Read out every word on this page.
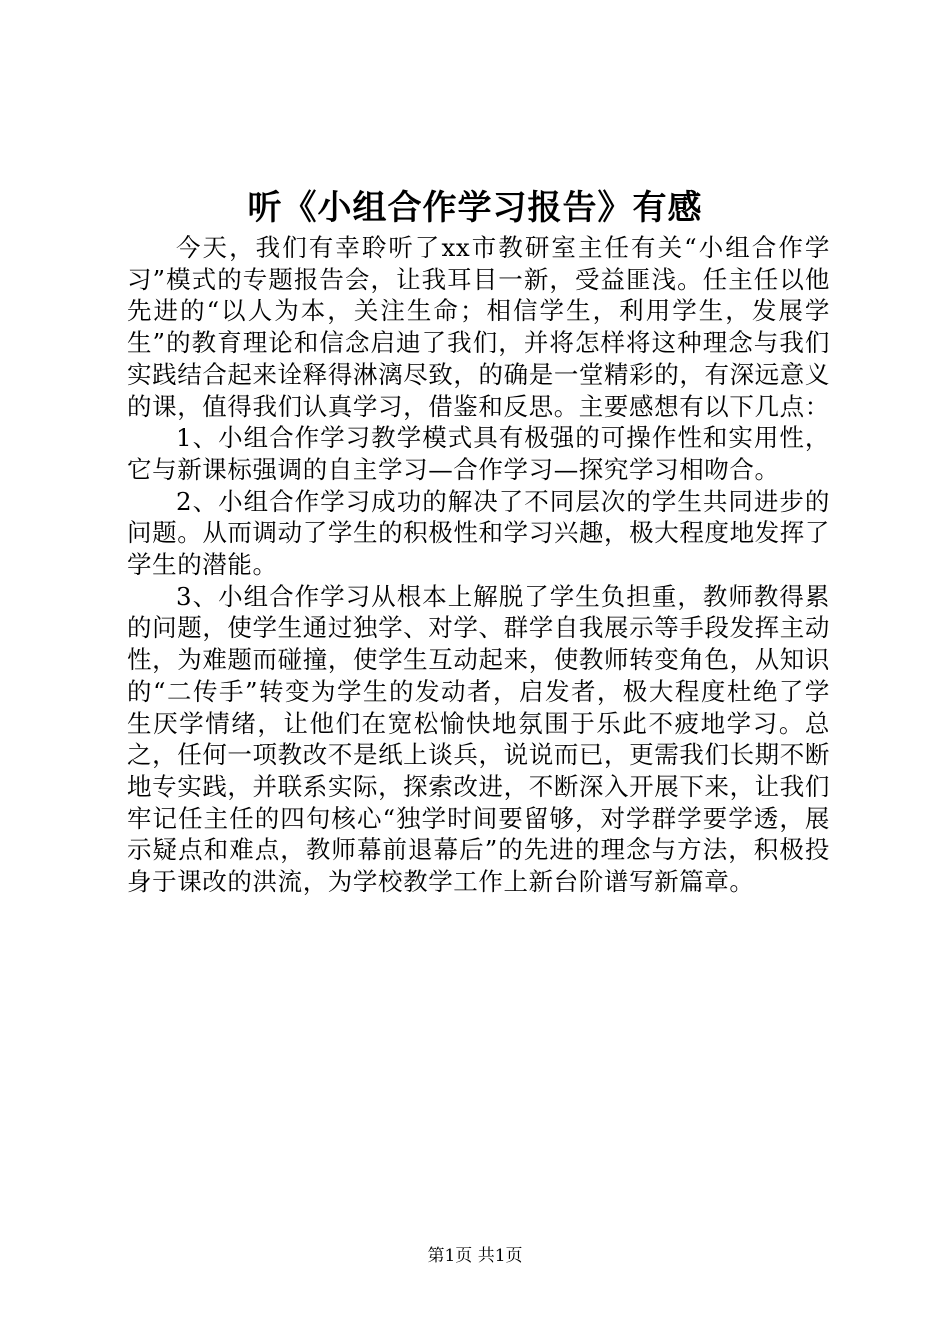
听《小组合作学习报告》有感

今天，我们有幸聆听了xx市教研室主任有关“小组合作学习”模式的专题报告会，让我耳目一新，受益匪浅。任主任以他先进的“以人为本，关注生命；相信学生，利用学生，发展学生”的教育理论和信念启迪了我们，并将怎样将这种理念与我们实践结合起来诠释得淋漓尽致，的确是一堂精彩的，有深远意义的课，值得我们认真学习，借鉴和反思。主要感想有以下几点：

1、小组合作学习教学模式具有极强的可操作性和实用性，它与新课标强调的自主学习—合作学习—探究学习相吻合。

2、小组合作学习成功的解决了不同层次的学生共同进步的问题。从而调动了学生的积极性和学习兴趣，极大程度地发挥了学生的潜能。

3、小组合作学习从根本上解脱了学生负担重，教师教得累的问题，使学生通过独学、对学、群学自我展示等手段发挥主动性，为难题而碰撞，使学生互动起来，使教师转变角色，从知识的“二传手”转变为学生的发动者，启发者，极大程度杜绝了学生厌学情绪，让他们在宽松愉快地氛围于乐此不疲地学习。总之，任何一项教改不是纸上谈兵，说说而已，更需我们长期不断地专实践，并联系实际，探索改进，不断深入开展下来，让我们牢记任主任的四句核心“独学时间要留够，对学群学要学透，展示疑点和难点，教师幕前退幕后”的先进的理念与方法，积极投身于课改的洪流，为学校教学工作上新台阶谱写新篇章。

第1页 共1页
